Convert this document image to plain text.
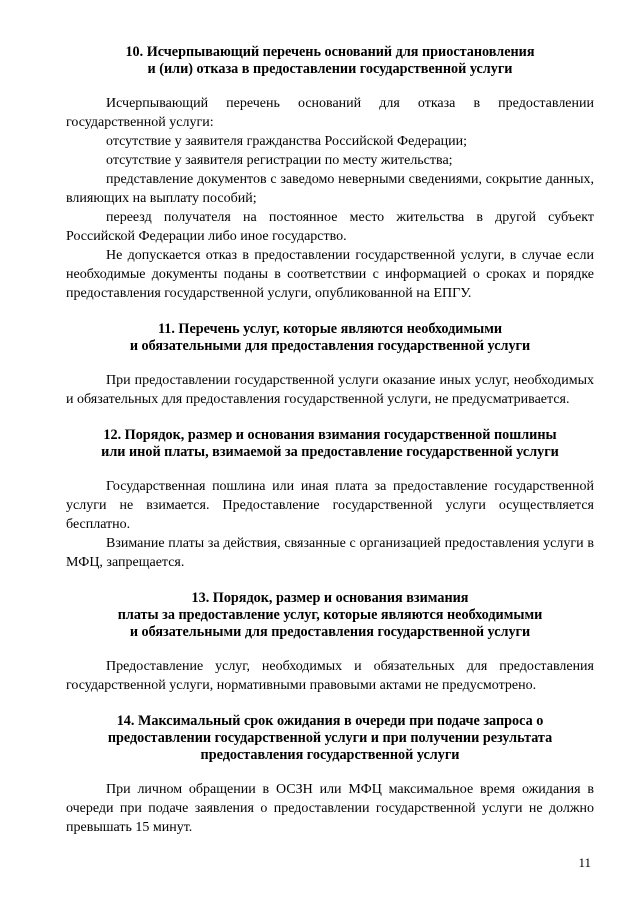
10. Исчерпывающий перечень оснований для приостановления
и (или) отказа в предоставлении государственной услуги

Исчерпывающий перечень оснований для отказа в предоставлении государственной услуги:

отсутствие у заявителя гражданства Российской Федерации;

отсутствие у заявителя регистрации по месту жительства;

представление документов с заведомо неверными сведениями, сокрытие данных, влияющих на выплату пособий;

переезд получателя на постоянное место жительства в другой субъект Российской Федерации либо иное государство.

Не допускается отказ в предоставлении государственной услуги, в случае если необходимые документы поданы в соответствии с информацией о сроках и порядке предоставления государственной услуги, опубликованной на ЕПГУ.

11. Перечень услуг, которые являются необходимыми
и обязательными для предоставления государственной услуги

При предоставлении государственной услуги оказание иных услуг, необходимых и обязательных для предоставления государственной услуги, не предусматривается.

12. Порядок, размер и основания взимания государственной пошлины
или иной платы, взимаемой за предоставление государственной услуги

Государственная пошлина или иная плата за предоставление государственной услуги не взимается. Предоставление государственной услуги осуществляется бесплатно.

Взимание платы за действия, связанные с организацией предоставления услуги в МФЦ, запрещается.

13. Порядок, размер и основания взимания
платы за предоставление услуг, которые являются необходимыми
и обязательными для предоставления государственной услуги

Предоставление услуг, необходимых и обязательных для предоставления государственной услуги, нормативными правовыми актами не предусмотрено.

14. Максимальный срок ожидания в очереди при подаче запроса о
предоставлении государственной услуги и при получении результата
предоставления государственной услуги

При личном обращении в ОСЗН или МФЦ максимальное время ожидания в очереди при подаче заявления о предоставлении государственной услуги не должно превышать 15 минут.

11
